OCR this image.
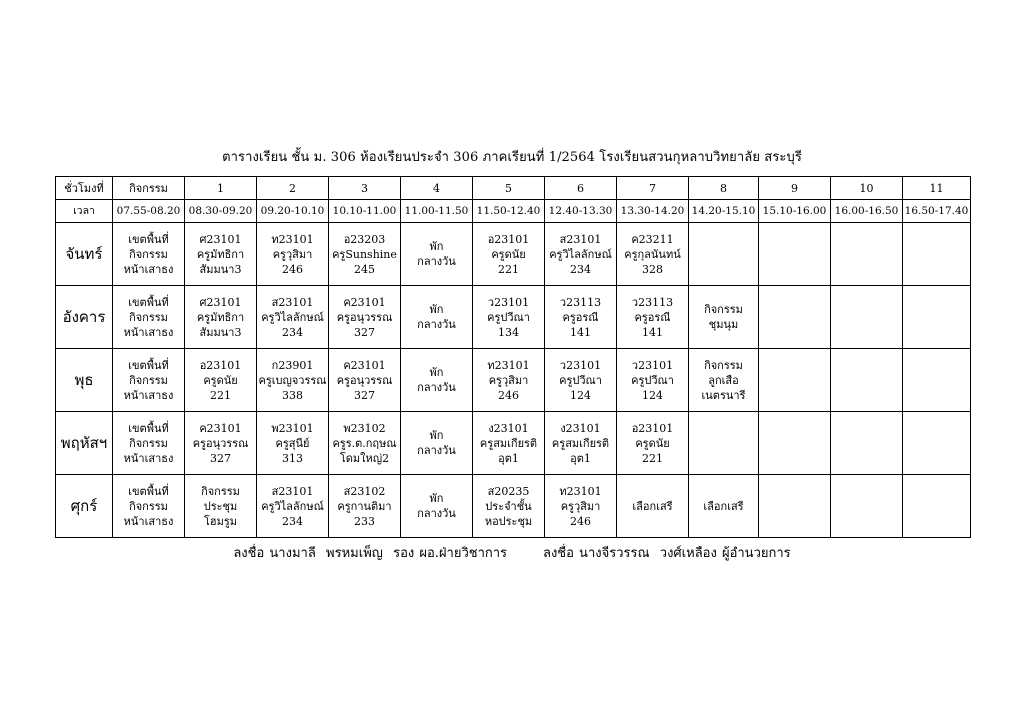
ตารางเรียน ชั้น ม. 306 ห้องเรียนประจำ 306 ภาคเรียนที่ 1/2564 โรงเรียนสวนกุหลาบวิทยาลัย สระบุรี
ชั่วโมงที่	กิจกรรม	1	2	3	4	5	6	7	8	9	10	11
เวลา	07.55-08.20	08.30-09.20	09.20-10.10	10.10-11.00	11.00-11.50	11.50-12.40	12.40-13.30	13.30-14.20	14.20-15.10	15.10-16.00	16.00-16.50	16.50-17.40
จันทร์	เขตพื้นที่
กิจกรรม
หน้าเสาธง	ศ23101
ครูมัทธิกา
สัมมนา3	ท23101
ครูวุสิมา
246	อ23203
ครูSunshine
245	พัก
กลางวัน	อ23101
ครูดนัย
221	ส23101
ครูวิไลลักษณ์
234	ค23211
ครูกุลนันทน์
328				

อังคาร	เขตพื้นที่
กิจกรรม
หน้าเสาธง	ศ23101
ครูมัทธิกา
สัมมนา3	ส23101
ครูวิไลลักษณ์
234	ค23101
ครูอนุวรรณ
327	พัก
กลางวัน	ว23101
ครูปวีณา
134	ว23113
ครูอรณี
141	ว23113
ครูอรณี
141	กิจกรรม
ชุมนุม			

พุธ	เขตพื้นที่
กิจกรรม
หน้าเสาธง	อ23101
ครูดนัย
221	ก23901
ครูเบญจวรรณ
338	ค23101
ครูอนุวรรณ
327	พัก
กลางวัน	ท23101
ครูวุสิมา
246	ว23101
ครูปวีณา
124	ว23101
ครูปวีณา
124	กิจกรรม
ลูกเสือ
เนตรนารี			

พฤหัสฯ	เขตพื้นที่
กิจกรรม
หน้าเสาธง	ค23101
ครูอนุวรรณ
327	พ23101
ครูสุนีย์
313	พ23102
ครูร.ต.กฤษณ
โดมใหญ่2	พัก
กลางวัน	ง23101
ครูสมเกียรติ
อุต1	ง23101
ครูสมเกียรติ
อุต1	อ23101
ครูดนัย
221				

ศุกร์	เขตพื้นที่
กิจกรรม
หน้าเสาธง	กิจกรรม
ประชุม
โฮมรูม	ส23101
ครูวิไลลักษณ์
234	ส23102
ครูกานติมา
233	พัก
กลางวัน	ส20235
ประจำชั้น
หอประชุม	ท23101
ครูวุสิมา
246	เลือกเสรี	เลือกเสรี			

ลงชื่อ นางมาลี  พรหมเพ็ญ  รอง ผอ.ฝ่ายวิชาการ	ลงชื่อ นางจีรวรรณ  วงศ์เหลือง ผู้อำนวยการ
